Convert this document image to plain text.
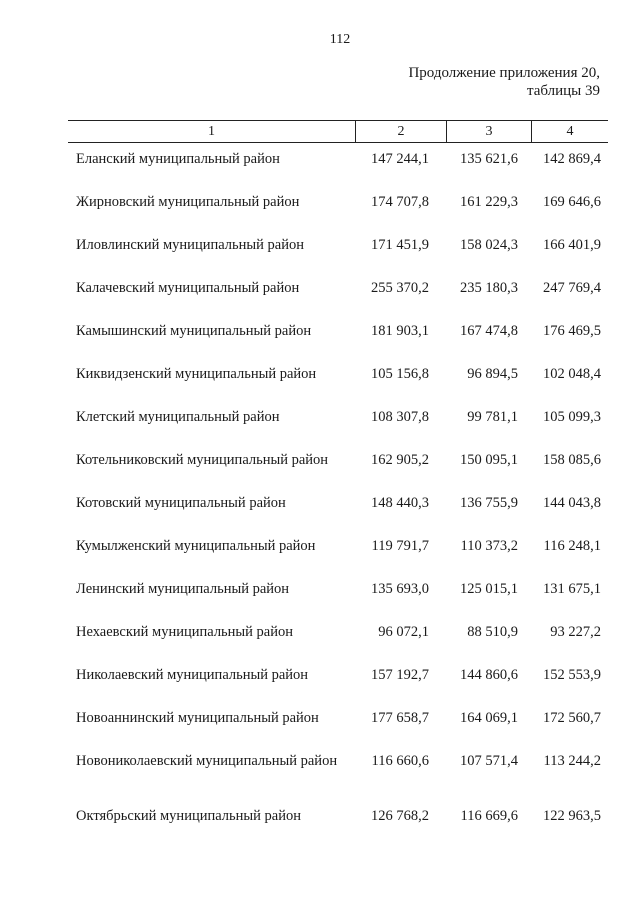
112
Продолжение приложения 20,
таблицы 39
1	2	3	4
Еланский муниципальный район	147 244,1	135 621,6	142 869,4
Жирновский муниципальный район	174 707,8	161 229,3	169 646,6
Иловлинский муниципальный район	171 451,9	158 024,3	166 401,9
Калачевский муниципальный район	255 370,2	235 180,3	247 769,4
Камышинский муниципальный район	181 903,1	167 474,8	176 469,5
Киквидзенский муниципальный район	105 156,8	96 894,5	102 048,4
Клетский муниципальный район	108 307,8	99 781,1	105 099,3
Котельниковский муниципальный район	162 905,2	150 095,1	158 085,6
Котовский муниципальный район	148 440,3	136 755,9	144 043,8
Кумылженский муниципальный район	119 791,7	110 373,2	116 248,1
Ленинский муниципальный район	135 693,0	125 015,1	131 675,1
Нехаевский муниципальный район	96 072,1	88 510,9	93 227,2
Николаевский муниципальный район	157 192,7	144 860,6	152 553,9
Новоаннинский муниципальный район	177 658,7	164 069,1	172 560,7
Новониколаевский муниципальный район	116 660,6	107 571,4	113 244,2
Октябрьский муниципальный район	126 768,2	116 669,6	122 963,5
